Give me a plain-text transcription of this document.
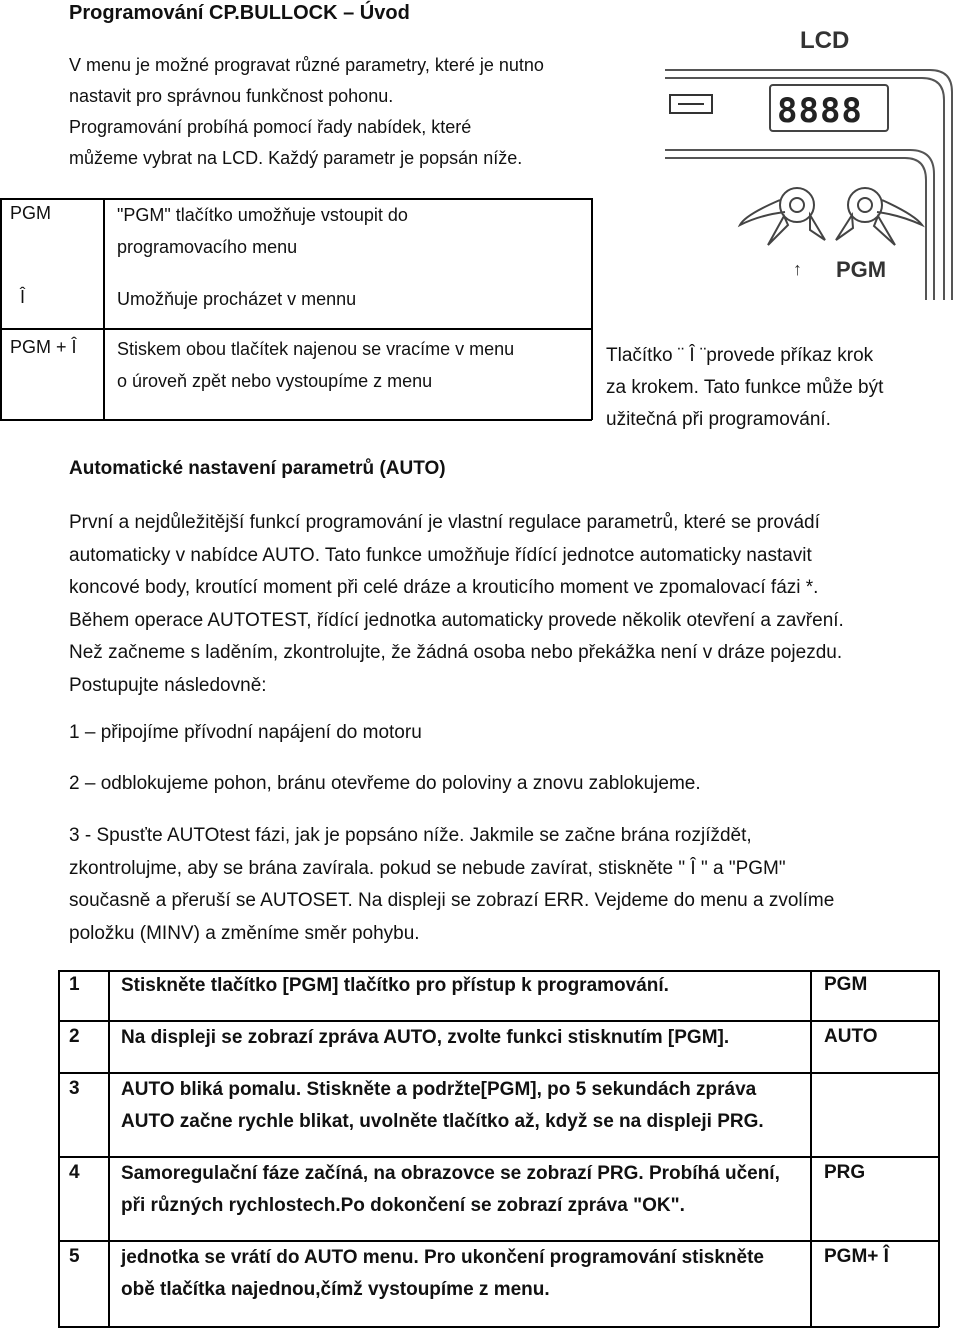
Programování CP.BULLOCK – Úvod
V menu je možné progravat různé parametry, které je nutno
nastavit pro správnou funkčnost pohonu.
Programování probíhá pomocí řady nabídek, které
můžeme vybrat na LCD. Každý parametr je popsán níže.
LCD
8888
↑ PGM
PGM	"PGM" tlačítko umožňuje vstoupit do
programovacího menu
Î	Umožňuje procházet v mennu
PGM + Î Stiskem obou tlačítek najenou se vracíme v menu
o úroveň zpět nebo vystoupíme z menu
Tlačítko ¨ Î ¨provede příkaz krok
za krokem. Tato funkce může být
užitečná při programování.
Automatické nastavení parametrů (AUTO)
První a nejdůležitější funkcí programování je vlastní regulace parametrů, které se provádí
automaticky v nabídce AUTO. Tato funkce umožňuje řídící jednotce automaticky nastavit
koncové body, kroutící moment při celé dráze a krouticího moment ve zpomalovací fázi *.
Během operace AUTOTEST, řídící jednotka automaticky provede několik otevření a zavření.
Než začneme s laděním, zkontrolujte, že žádná osoba nebo překážka není v dráze pojezdu.
Postupujte následovně:
1 – připojíme přívodní napájení do motoru
2 – odblokujeme pohon, bránu otevřeme do poloviny a znovu zablokujeme.
3 - Spusťte AUTOtest fázi, jak je popsáno níže. Jakmile se začne brána rozjíždět,
zkontrolujme, aby se brána zavírala. pokud se nebude zavírat, stiskněte " Î " a "PGM"
současně a přeruší se AUTOSET. Na displeji se zobrazí ERR. Vejdeme do menu a zvolíme
položku (MINV) a změníme směr pohybu.
1 Stiskněte tlačítko [PGM] tlačítko pro přístup k programování.	PGM
2 Na displeji se zobrazí zpráva AUTO, zvolte funkci stisknutím [PGM].	AUTO
3 AUTO bliká pomalu. Stiskněte a podržte[PGM], po 5 sekundách zpráva
AUTO začne rychle blikat, uvolněte tlačítko až, když se na displeji PRG.
4 Samoregulační fáze začíná, na obrazovce se zobrazí PRG. Probíhá učení,
při různých rychlostech.Po dokončení se zobrazí zpráva "OK".
PRG
5 jednotka se vrátí do AUTO menu. Pro ukončení programování stiskněte
obě tlačítka najednou,čímž vystoupíme z menu.
PGM+ Î
